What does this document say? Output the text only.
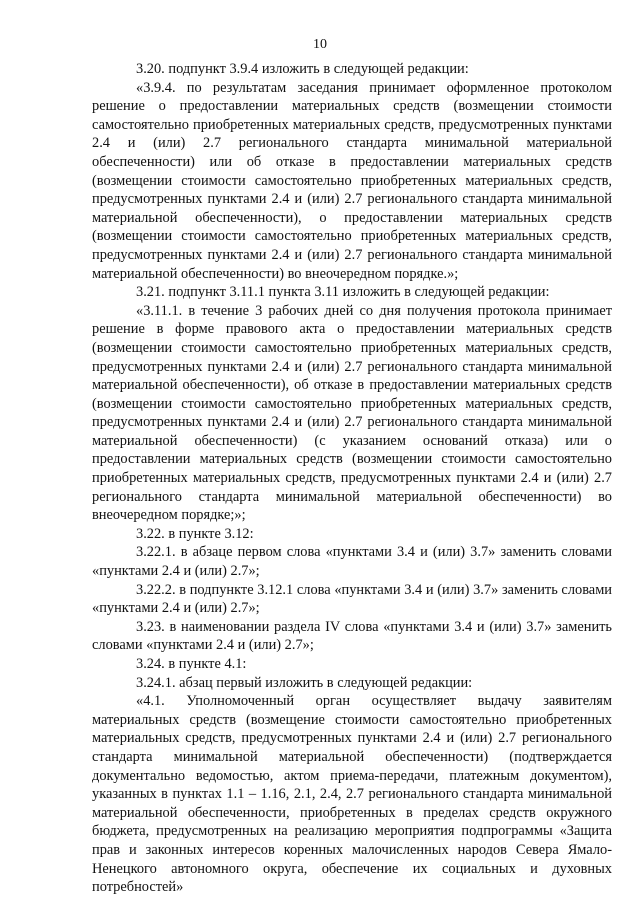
10

3.20. подпункт 3.9.4 изложить в следующей редакции:

«3.9.4. по результатам заседания принимает оформленное протоколом решение о предоставлении материальных средств (возмещении стоимости самостоятельно приобретенных материальных средств, предусмотренных пунктами 2.4 и (или) 2.7 регионального стандарта минимальной материальной обеспеченности) или об отказе в предоставлении материальных средств (возмещении стоимости самостоятельно приобретенных материальных средств, предусмотренных пунктами 2.4 и (или) 2.7 регионального стандарта минимальной материальной обеспеченности), о предоставлении материальных средств (возмещении стоимости самостоятельно приобретенных материальных средств, предусмотренных пунктами 2.4 и (или) 2.7 регионального стандарта минимальной материальной обеспеченности) во внеочередном порядке.»;

3.21. подпункт 3.11.1 пункта 3.11 изложить в следующей редакции:

«3.11.1. в течение 3 рабочих дней со дня получения протокола принимает решение в форме правового акта о предоставлении материальных средств (возмещении стоимости самостоятельно приобретенных материальных средств, предусмотренных пунктами 2.4 и (или) 2.7 регионального стандарта минимальной материальной обеспеченности), об отказе в предоставлении материальных средств (возмещении стоимости самостоятельно приобретенных материальных средств, предусмотренных пунктами 2.4 и (или) 2.7 регионального стандарта минимальной материальной обеспеченности) (с указанием оснований отказа) или о предоставлении материальных средств (возмещении стоимости самостоятельно приобретенных материальных средств, предусмотренных пунктами 2.4 и (или) 2.7 регионального стандарта минимальной материальной обеспеченности) во внеочередном порядке;»;

3.22. в пункте 3.12:

3.22.1. в абзаце первом слова «пунктами 3.4 и (или) 3.7» заменить словами «пунктами 2.4 и (или) 2.7»;

3.22.2. в подпункте 3.12.1 слова «пунктами 3.4 и (или) 3.7» заменить словами «пунктами 2.4 и (или) 2.7»;

3.23. в наименовании раздела IV слова «пунктами 3.4 и (или) 3.7» заменить словами «пунктами 2.4 и (или) 2.7»;

3.24. в пункте 4.1:

3.24.1. абзац первый изложить в следующей редакции:

«4.1. Уполномоченный орган осуществляет выдачу заявителям материальных средств (возмещение стоимости самостоятельно приобретенных материальных средств, предусмотренных пунктами 2.4 и (или) 2.7 регионального стандарта минимальной материальной обеспеченности) (подтверждается документально ведомостью, актом приема-передачи, платежным документом), указанных в пунктах 1.1 – 1.16, 2.1, 2.4, 2.7 регионального стандарта минимальной материальной обеспеченности, приобретенных в пределах средств окружного бюджета, предусмотренных на реализацию мероприятия подпрограммы «Защита прав и законных интересов коренных малочисленных народов Севера Ямало-Ненецкого автономного округа, обеспечение их социальных и духовных потребностей»
